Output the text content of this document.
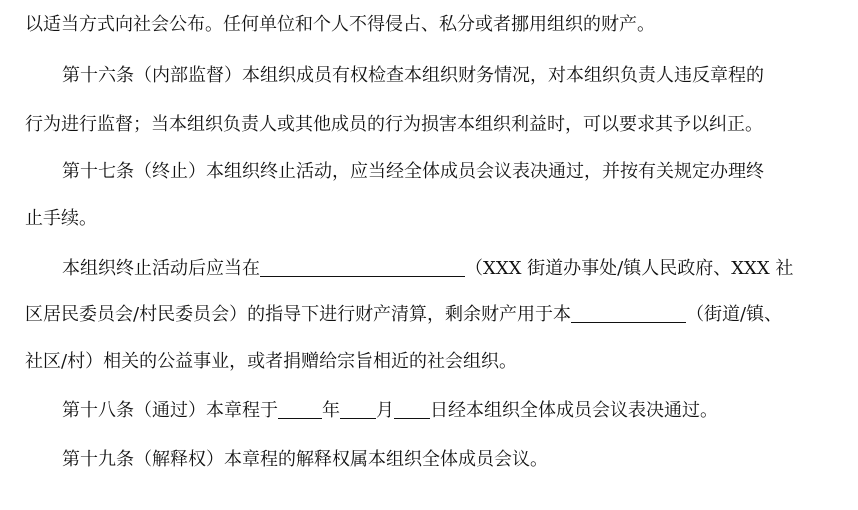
以适当方式向社会公布。任何单位和个人不得侵占、私分或者挪用组织的财产。
第十六条（内部监督）本组织成员有权检查本组织财务情况，对本组织负责人违反章程的
行为进行监督；当本组织负责人或其他成员的行为损害本组织利益时，可以要求其予以纠正。
第十七条（终止）本组织终止活动，应当经全体成员会议表决通过，并按有关规定办理终
止手续。
本组织终止活动后应当在	（XXX 街道办事处/镇人民政府、XXX 社
区居民委员会/村民委员会）的指导下进行财产清算，剩余财产用于本	（街道/镇、
社区/村）相关的公益事业，或者捐赠给宗旨相近的社会组织。
第十八条（通过）本章程于 年 月 日经本组织全体成员会议表决通过。
第十九条（解释权）本章程的解释权属本组织全体成员会议。
